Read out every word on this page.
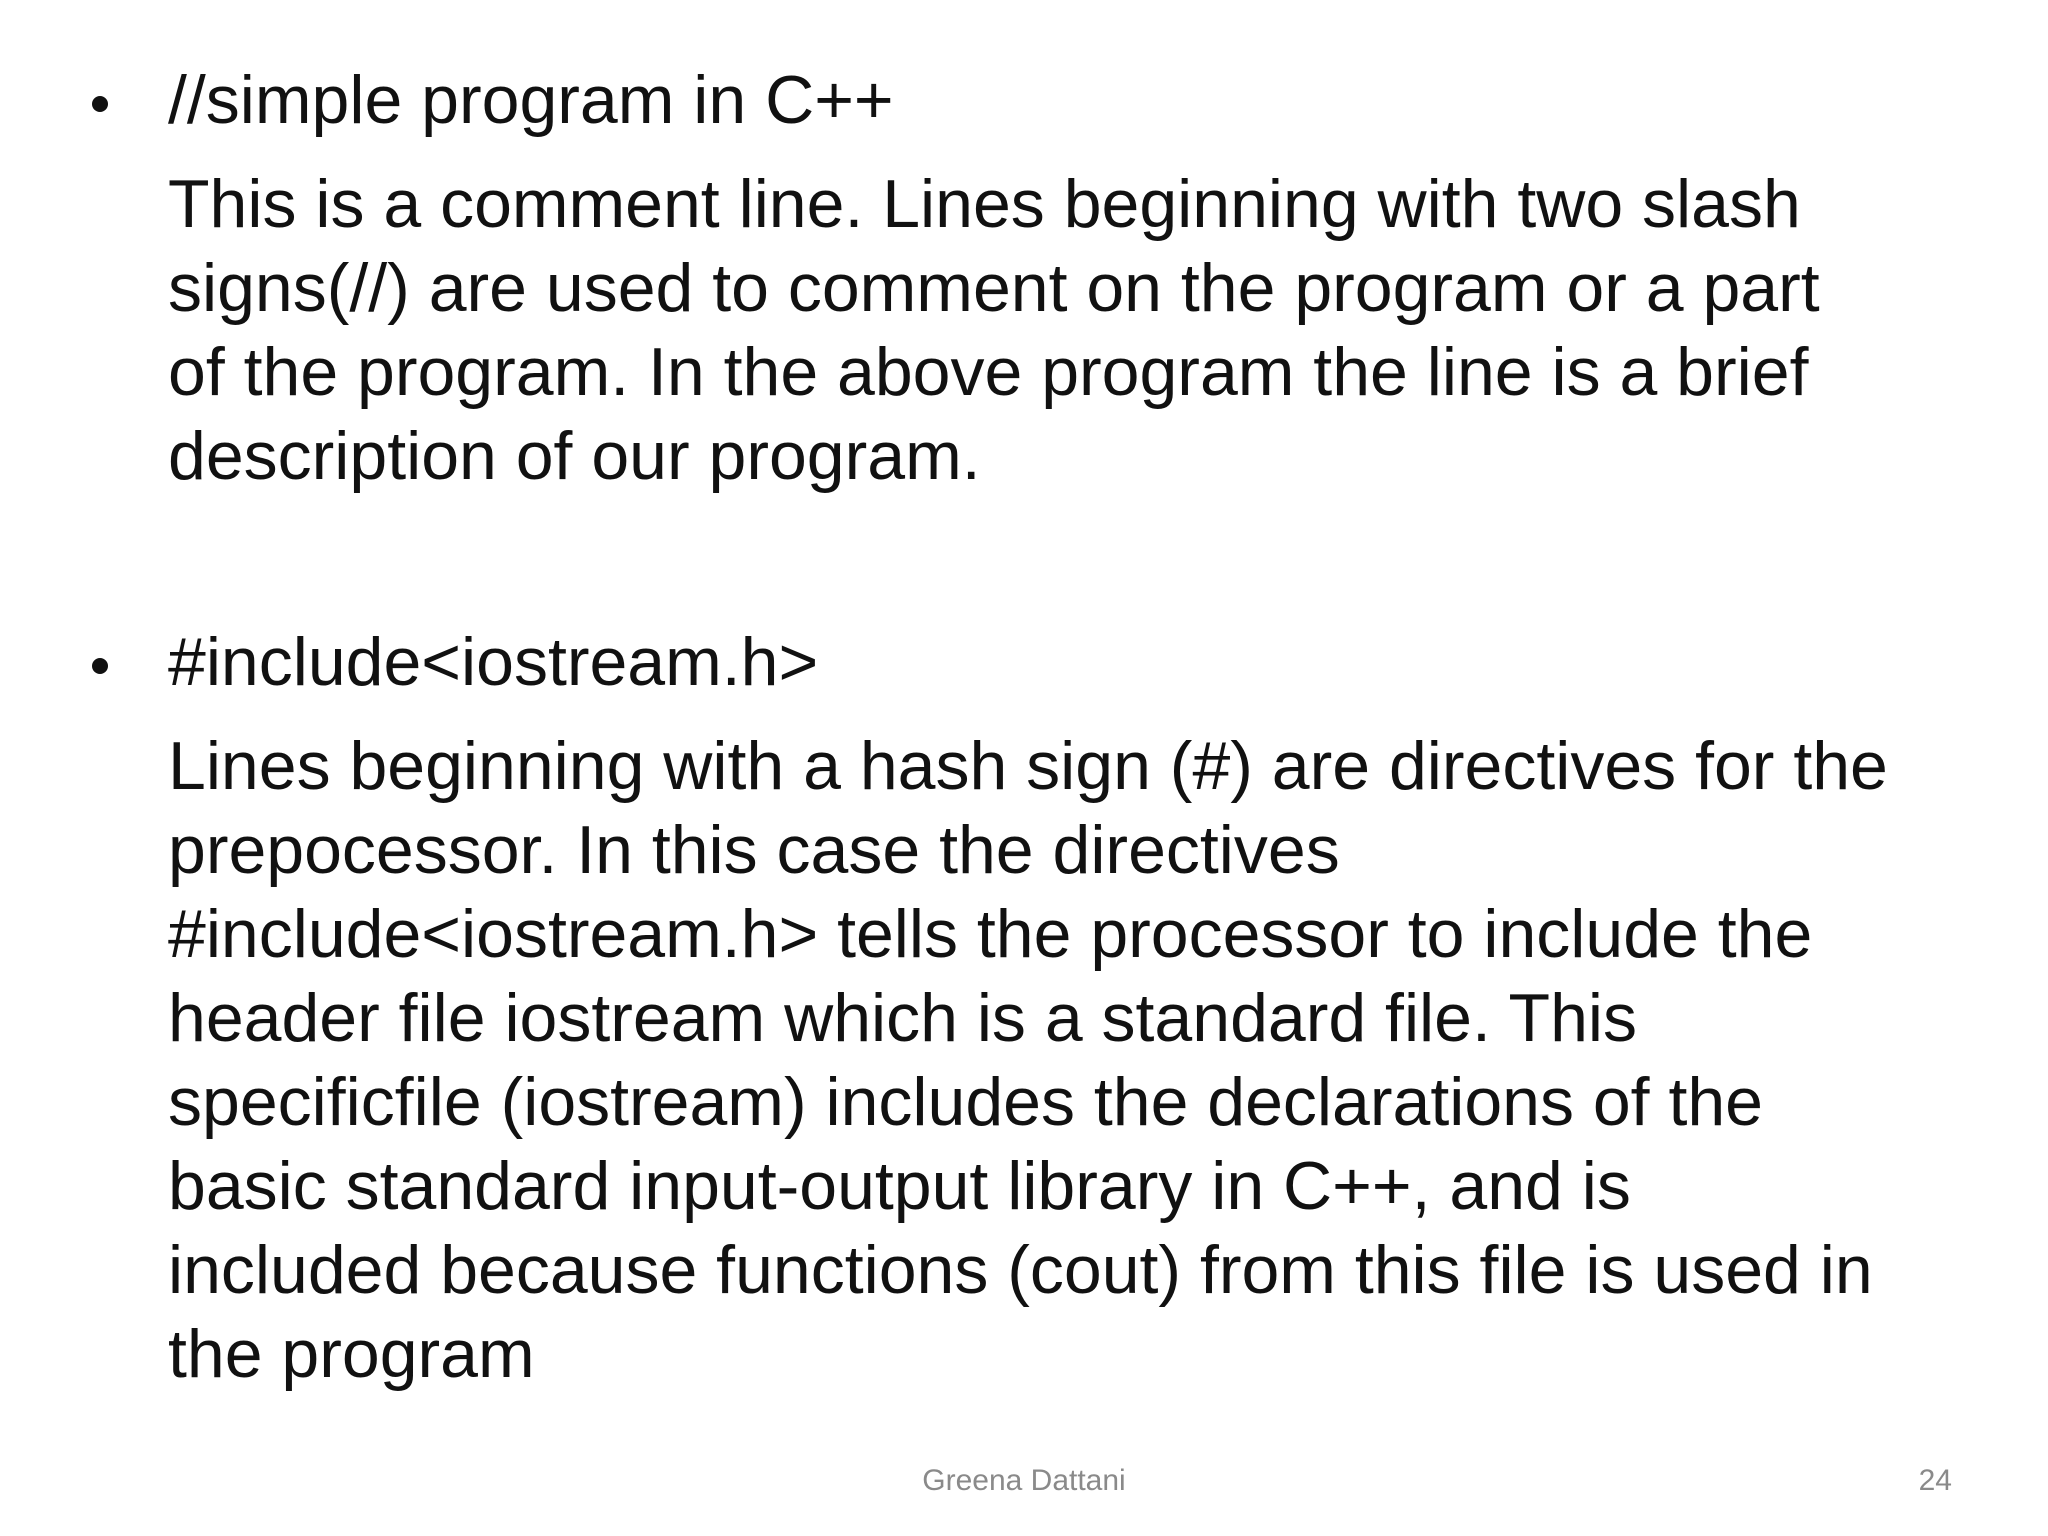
//simple program in C++
This is a comment line. Lines beginning with two slash
signs(//) are used to comment on the program or a part
of the program. In the above program the line is a brief
description of our program.
#include<iostream.h>
Lines beginning with a hash sign (#) are directives for the
prepocessor. In this case the directives
#include<iostream.h> tells the processor to include the
header file iostream which is a standard file. This
specificfile (iostream) includes the declarations of the
basic standard input-output library in C++, and is
included because functions (cout) from this file is used in
the program
Greena Dattani	24
